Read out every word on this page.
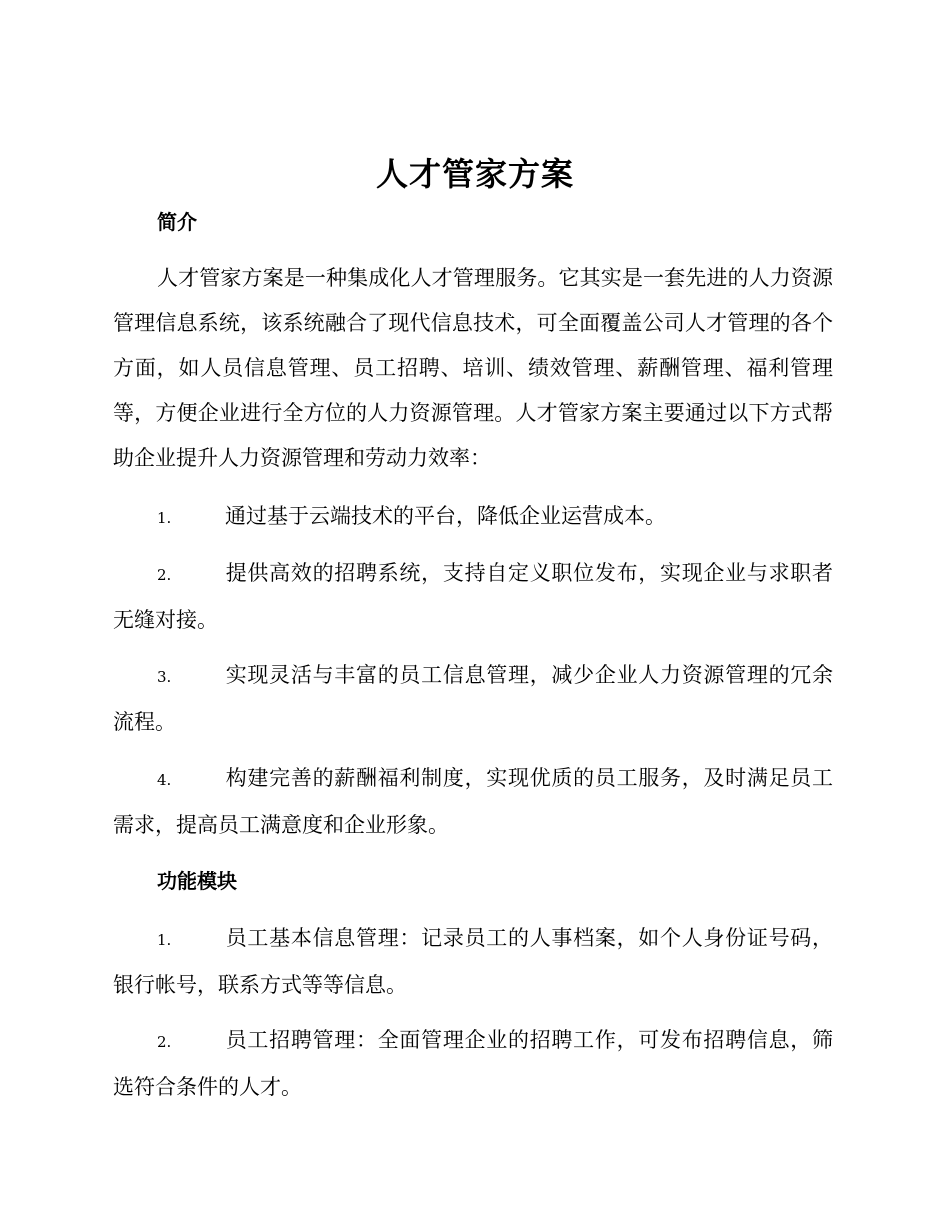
人才管家方案
简介

人才管家方案是一种集成化人才管理服务。它其实是一套先进的人力资源管理信息系统，该系统融合了现代信息技术，可全面覆盖公司人才管理的各个方面，如人员信息管理、员工招聘、培训、绩效管理、薪酬管理、福利管理等，方便企业进行全方位的人力资源管理。人才管家方案主要通过以下方式帮助企业提升人力资源管理和劳动力效率：

1.	通过基于云端技术的平台，降低企业运营成本。

2.	提供高效的招聘系统，支持自定义职位发布，实现企业与求职者无缝对接。

3.	实现灵活与丰富的员工信息管理，减少企业人力资源管理的冗余流程。

4.	构建完善的薪酬福利制度，实现优质的员工服务，及时满足员工需求，提高员工满意度和企业形象。

功能模块

1.	员工基本信息管理：记录员工的人事档案，如个人身份证号码，银行帐号，联系方式等等信息。

2.	员工招聘管理：全面管理企业的招聘工作，可发布招聘信息，筛选符合条件的人才。
